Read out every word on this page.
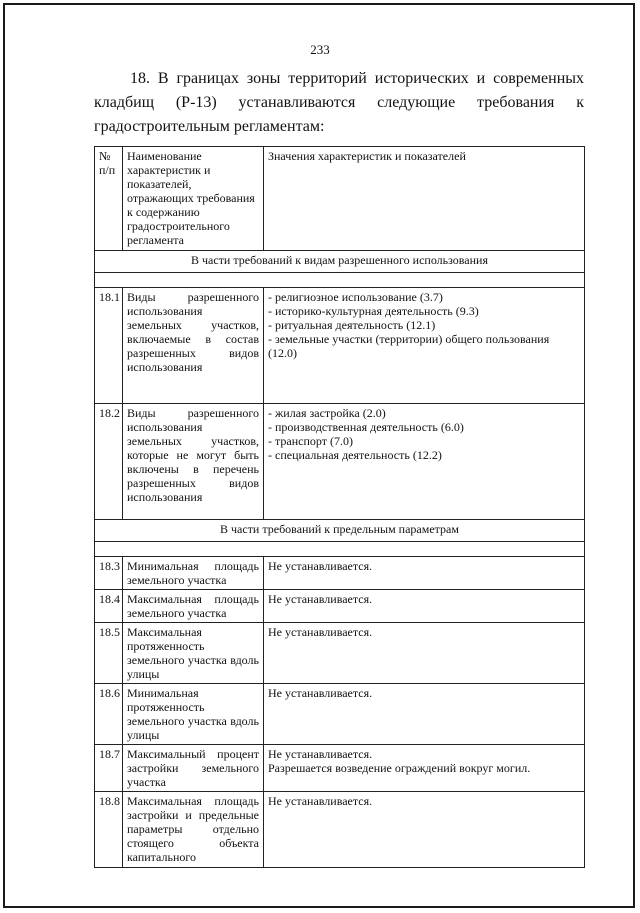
233
18. В границах зоны территорий исторических и современных кладбищ (Р-13) устанавливаются следующие требования к градостроительным регламентам:
№ п/п	Наименование характеристик и показателей, отражающих требования к содержанию градостроительного регламента	Значения характеристик и показателей
В части требований к видам разрешенного использования		

18.1	Виды разрешенного использования земельных участков, включаемые в состав разрешенных видов использования	- религиозное использование (3.7)
- историко-культурная деятельность (9.3)
- ритуальная деятельность (12.1)
- земельные участки (территории) общего пользования (12.0)

18.2	Виды разрешенного использования земельных участков, которые не могут быть включены в перечень разрешенных видов использования	- жилая застройка (2.0)
- производственная деятельность (6.0)
- транспорт (7.0)
- специальная деятельность (12.2)

В части требований к предельным параметрам		

18.3	Минимальная площадь земельного участка	Не устанавливается.
18.4	Максимальная площадь земельного участка	Не устанавливается.
18.5	Максимальная протяженность земельного участка вдоль улицы	Не устанавливается.
18.6	Минимальная протяженность земельного участка вдоль улицы	Не устанавливается.
18.7	Максимальный процент застройки земельного участка	Не устанавливается.
Разрешается возведение ограждений вокруг могил.

18.8	Максимальная площадь застройки и предельные параметры отдельно стоящего объекта капитального	Не устанавливается.
